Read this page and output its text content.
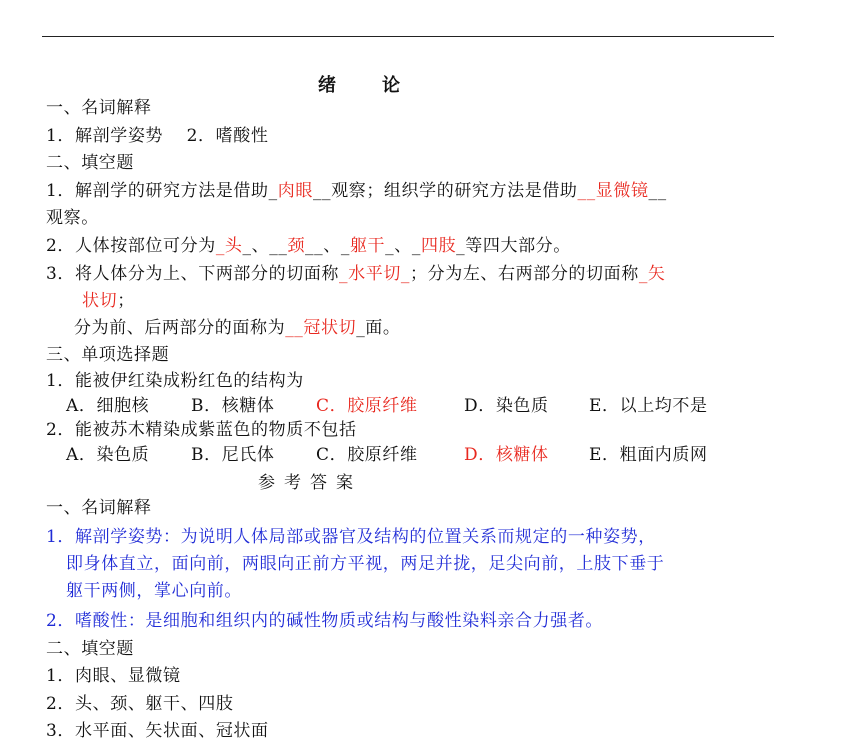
绪　论
一、名词解释
1．解剖学姿势　 2．嗜酸性
二、填空题
1．解剖学的研究方法是借助_肉眼__观察；组织学的研究方法是借助__显微镜__
观察。
2．人体按部位可分为_头_、__颈__、_躯干_、_四肢_等四大部分。
3．将人体分为上、下两部分的切面称_水平切_；分为左、右两部分的切面称_矢
状切；
分为前、后两部分的面称为__冠状切_面。
三、单项选择题
1．能被伊红染成粉红色的结构为
A．细胞核 B．核糖体 C．胶原纤维	D．染色质 E．以上均不是
2．能被苏木精染成紫蓝色的物质不包括
A．染色质 B．尼氏体 C．胶原纤维	D．核糖体 E．粗面内质网
参考答案
一、名词解释
1．解剖学姿势：为说明人体局部或器官及结构的位置关系而规定的一种姿势，
即身体直立，面向前，两眼向正前方平视，两足并拢，足尖向前，上肢下垂于
躯干两侧，掌心向前。
2．嗜酸性：是细胞和组织内的碱性物质或结构与酸性染料亲合力强者。
二、填空题
1．肉眼、显微镜
2．头、颈、躯干、四肢
3．水平面、矢状面、冠状面
